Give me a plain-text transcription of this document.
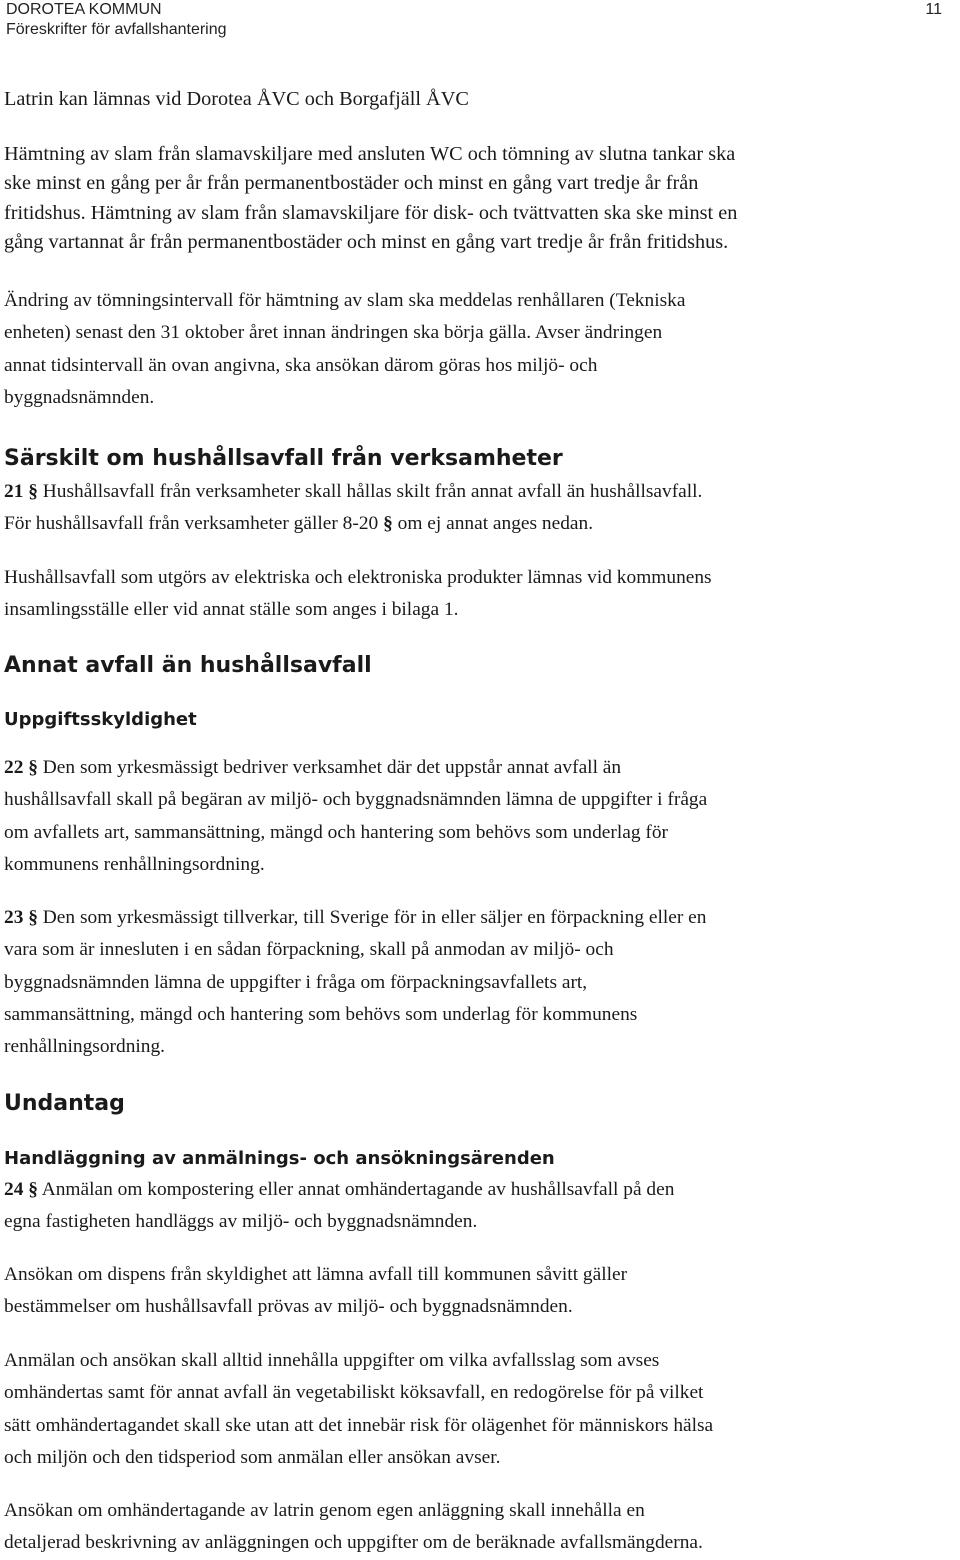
DOROTEA KOMMUN
Föreskrifter för avfallshantering
11

Latrin kan lämnas vid Dorotea ÅVC och Borgafjäll ÅVC

Hämtning av slam från slamavskiljare med ansluten WC och tömning av slutna tankar ska
ske minst en gång per år från permanentbostäder och minst en gång vart tredje år från
fritidshus. Hämtning av slam från slamavskiljare för disk- och tvättvatten ska ske minst en
gång vartannat år från permanentbostäder och minst en gång vart tredje år från fritidshus.

Ändring av tömningsintervall för hämtning av slam ska meddelas renhållaren (Tekniska
enheten) senast den 31 oktober året innan ändringen ska börja gälla. Avser ändringen
annat tidsintervall än ovan angivna, ska ansökan därom göras hos miljö- och
byggnadsnämnden.

Särskilt om hushållsavfall från verksamheter

21 § Hushållsavfall från verksamheter skall hållas skilt från annat avfall än hushållsavfall.
För hushållsavfall från verksamheter gäller 8-20 § om ej annat anges nedan.

Hushållsavfall som utgörs av elektriska och elektroniska produkter lämnas vid kommunens
insamlingsställe eller vid annat ställe som anges i bilaga 1.

Annat avfall än hushållsavfall
Uppgiftsskyldighet

22 § Den som yrkesmässigt bedriver verksamhet där det uppstår annat avfall än
hushållsavfall skall på begäran av miljö- och byggnadsnämnden lämna de uppgifter i fråga
om avfallets art, sammansättning, mängd och hantering som behövs som underlag för
kommunens renhållningsordning.

23 § Den som yrkesmässigt tillverkar, till Sverige för in eller säljer en förpackning eller en
vara som är innesluten i en sådan förpackning, skall på anmodan av miljö- och
byggnadsnämnden lämna de uppgifter i fråga om förpackningsavfallets art,
sammansättning, mängd och hantering som behövs som underlag för kommunens
renhållningsordning.

Undantag
Handläggning av anmälnings- och ansökningsärenden

24 § Anmälan om kompostering eller annat omhändertagande av hushållsavfall på den
egna fastigheten handläggs av miljö- och byggnadsnämnden.

Ansökan om dispens från skyldighet att lämna avfall till kommunen såvitt gäller
bestämmelser om hushållsavfall prövas av miljö- och byggnadsnämnden.

Anmälan och ansökan skall alltid innehålla uppgifter om vilka avfallsslag som avses
omhändertas samt för annat avfall än vegetabiliskt köksavfall, en redogörelse för på vilket
sätt omhändertagandet skall ske utan att det innebär risk för olägenhet för människors hälsa
och miljön och den tidsperiod som anmälan eller ansökan avser.

Ansökan om omhändertagande av latrin genom egen anläggning skall innehålla en
detaljerad beskrivning av anläggningen och uppgifter om de beräknade avfallsmängderna.
